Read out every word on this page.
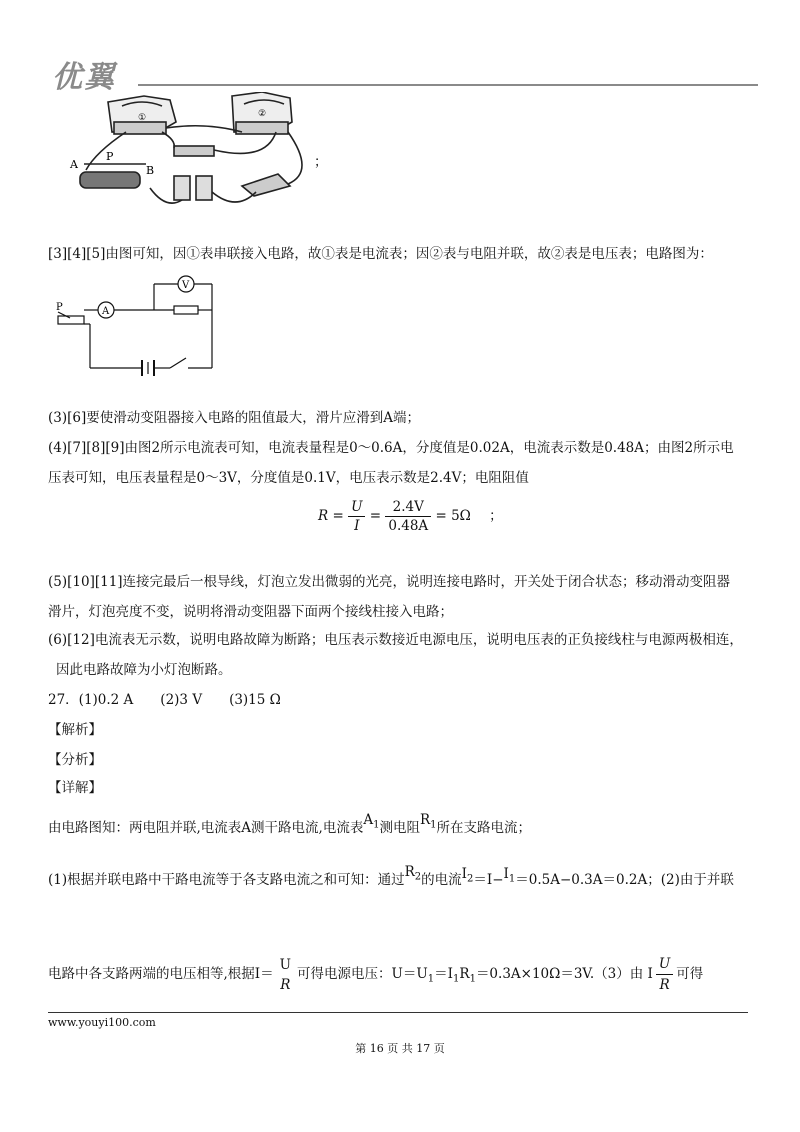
优翼
①	②
A
P
B
；
[3][4][5]由图可知，因①表串联接入电路，故①表是电流表；因②表与电阻并联，故②表是电压表；电路图为：
A
V
P
(3)[6]要使滑动变阻器接入电路的阻值最大，滑片应滑到A端；
(4)[7][8][9]由图2所示电流表可知，电流表量程是0～0.6A，分度值是0.02A，电流表示数是0.48A；由图2所示电
压表可知，电压表量程是0～3V，分度值是0.1V，电压表示数是2.4V；电阻阻值
$R = \frac{U}{I} = \frac{2.4V}{0.48A} = 5\Omega$ ；
(5)[10][11]连接完最后一根导线，灯泡立发出微弱的光亮，说明连接电路时，开关处于闭合状态；移动滑动变阻器
滑片，灯泡亮度不变，说明将滑动变阻器下面两个接线柱接入电路；
(6)[12]电流表无示数，说明电路故障为断路；电压表示数接近电源电压，说明电压表的正负接线柱与电源两极相连，
因此电路故障为小灯泡断路。
27．(1)0.2 A　　(2)3 V　　(3)15 Ω
【解析】
【分析】
【详解】
由电路图知：两电阻并联,电流表A测干路电流,电流表$A_1$测电阻$R_1$所在支路电流；
(1)根据并联电路中干路电流等于各支路电流之和可知：通过$R_2$的电流$I_2=I-I_1=0.5A-0.3A=0.2A$；(2)由于并联
电路中各支路两端的电压相等,根据I＝
U
R
可得电源电压：$U=U_1=I_1R_1=0.3A\times 10\Omega=3V.(3)$由 I $\frac{U}{R}$ 可得
www.youyi100.com
第 16 页 共 17 页
